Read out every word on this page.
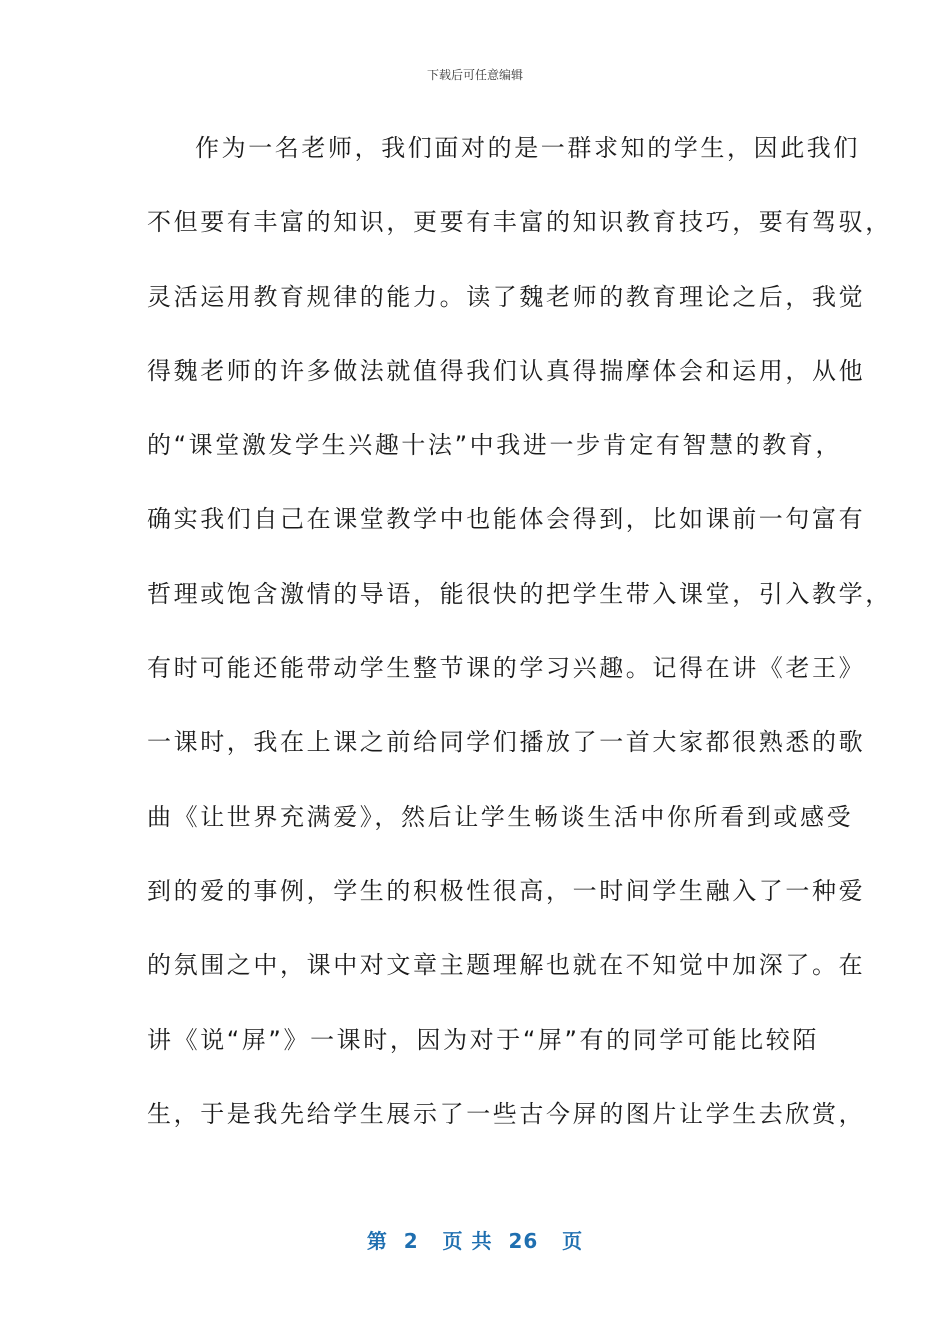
下载后可任意编辑
作为一名老师，我们面对的是一群求知的学生，因此我们
不但要有丰富的知识，更要有丰富的知识教育技巧，要有驾驭，
灵活运用教育规律的能力。读了魏老师的教育理论之后，我觉
得魏老师的许多做法就值得我们认真得揣摩体会和运用，从他
的“课堂激发学生兴趣十法”中我进一步肯定有智慧的教育，
确实我们自己在课堂教学中也能体会得到，比如课前一句富有
哲理或饱含激情的导语，能很快的把学生带入课堂，引入教学，
有时可能还能带动学生整节课的学习兴趣。记得在讲《老王》
一课时，我在上课之前给同学们播放了一首大家都很熟悉的歌
曲《让世界充满爱》，然后让学生畅谈生活中你所看到或感受
到的爱的事例，学生的积极性很高，一时间学生融入了一种爱
的氛围之中，课中对文章主题理解也就在不知觉中加深了。在
讲《说“屏”》一课时，因为对于“屏”有的同学可能比较陌
生，于是我先给学生展示了一些古今屏的图片让学生去欣赏，
第  2   页 共  26   页
